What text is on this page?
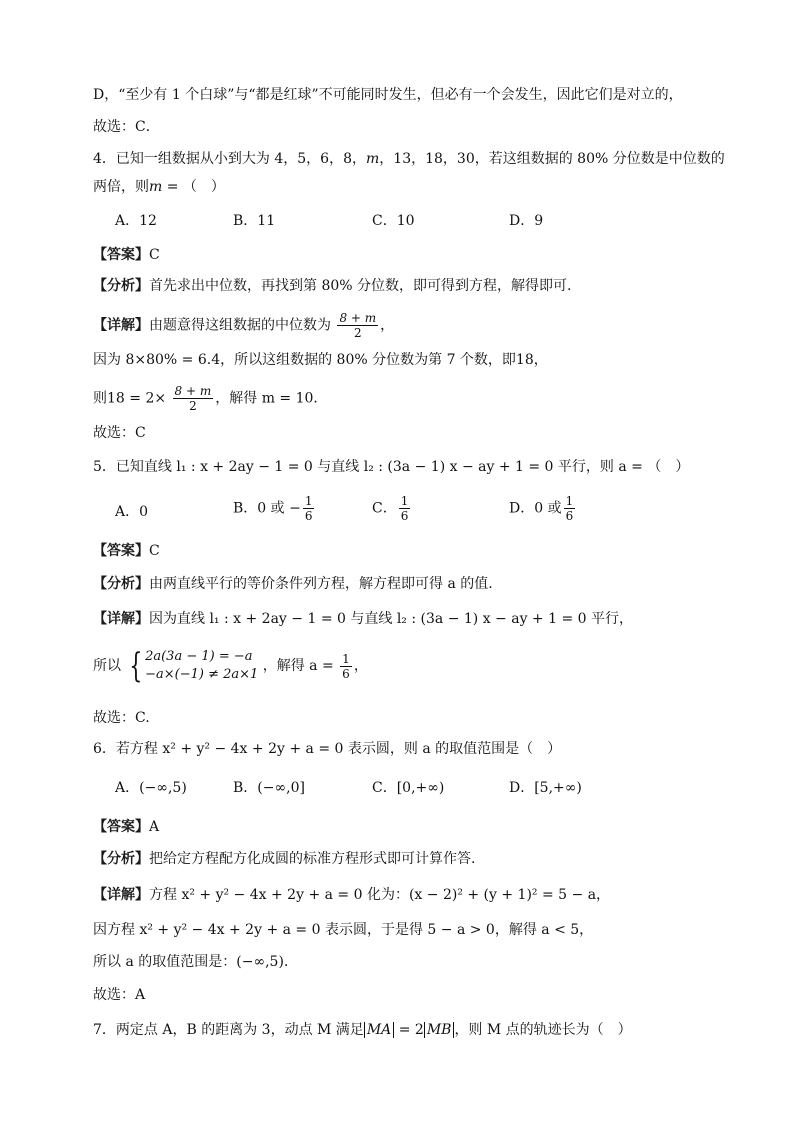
D，“至少有 1 个白球”与“都是红球”不可能同时发生，但必有一个会发生，因此它们是对立的，
故选：C．
4．已知一组数据从小到大为 4，5，6，8，m，13，18，30，若这组数据的 80% 分位数是中位数的
两倍，则m = （　）
A．12	B．11	C．10	D．9
【答案】C
【分析】首先求出中位数，再找到第 80% 分位数，即可得到方程，解得即可.
【详解】由题意得这组数据的中位数为 $\frac{8 + m}{2}$ ，
因为 8×80% = 6.4，所以这组数据的 80% 分位数为第 7 个数，即18，
则$18 = 2\times \frac{8 + m}{2}$ ，解得 m = 10．
故选：C
5．已知直线 l₁ : x + 2ay − 1 = 0 与直线 l₂ : (3a − 1) x − ay + 1 = 0 平行，则 a = （　）
A．0	B．0 或 − $\frac{1}{6}$	C． $\frac{1}{6}$	D．0 或 $\frac{1}{6}$
【答案】C
【分析】由两直线平行的等价条件列方程，解方程即可得 a 的值.
【详解】因为直线 l₁ : x + 2ay − 1 = 0 与直线 l₂ : (3a − 1) x − ay + 1 = 0 平行，
所以 { 2a(3a − 1) = −a
−a×(−1) ≠ 2a×1
，解得 $a = \frac{1}{6}$ ，
故选：C.
6．若方程 x² + y² − 4x + 2y + a = 0 表示圆，则 a 的取值范围是（　）
A．(−∞,5)	B．(−∞,0]	C．[0,+∞)	D．[5,+∞)
【答案】A
【分析】把给定方程配方化成圆的标准方程形式即可计算作答.
【详解】方程 x² + y² − 4x + 2y + a = 0 化为：(x − 2)² + (y + 1)² = 5 − a，
因方程 x² + y² − 4x + 2y + a = 0 表示圆，于是得 5 − a > 0，解得 a < 5，
所以 a 的取值范围是：(−∞,5).
故选：A
7．两定点 A，B 的距离为 3，动点 M 满足 MA = 2 MB ，则 M 点的轨迹长为（　）
